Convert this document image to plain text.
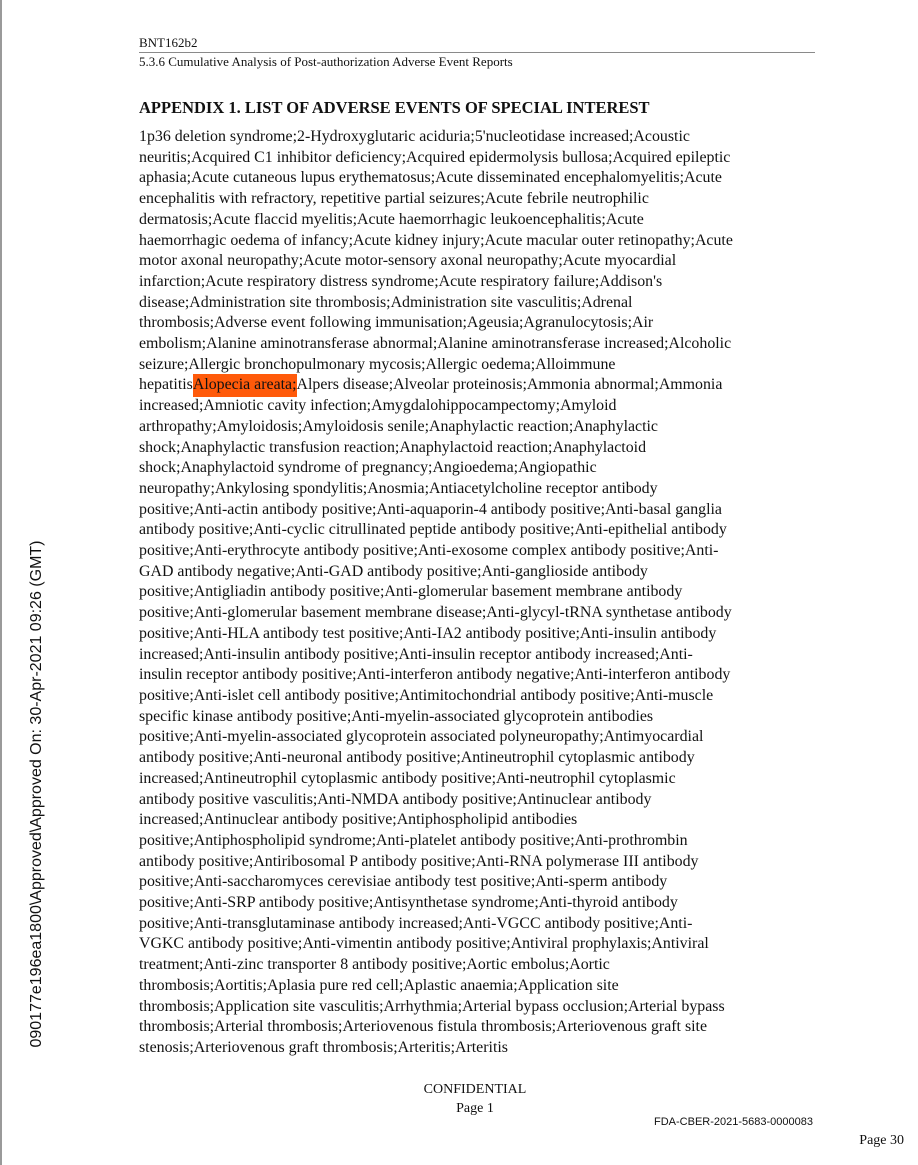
BNT162b2
5.3.6 Cumulative Analysis of Post-authorization Adverse Event Reports
APPENDIX 1. LIST OF ADVERSE EVENTS OF SPECIAL INTEREST
1p36 deletion syndrome;2-Hydroxyglutaric aciduria;5'nucleotidase increased;Acoustic
neuritis;Acquired C1 inhibitor deficiency;Acquired epidermolysis bullosa;Acquired epileptic
aphasia;Acute cutaneous lupus erythematosus;Acute disseminated encephalomyelitis;Acute
encephalitis with refractory, repetitive partial seizures;Acute febrile neutrophilic
dermatosis;Acute flaccid myelitis;Acute haemorrhagic leukoencephalitis;Acute
haemorrhagic oedema of infancy;Acute kidney injury;Acute macular outer retinopathy;Acute
motor axonal neuropathy;Acute motor-sensory axonal neuropathy;Acute myocardial
infarction;Acute respiratory distress syndrome;Acute respiratory failure;Addison's
disease;Administration site thrombosis;Administration site vasculitis;Adrenal
thrombosis;Adverse event following immunisation;Ageusia;Agranulocytosis;Air
embolism;Alanine aminotransferase abnormal;Alanine aminotransferase increased;Alcoholic
seizure;Allergic bronchopulmonary mycosis;Allergic oedema;Alloimmune
hepatitisAlopecia areata;Alpers disease;Alveolar proteinosis;Ammonia abnormal;Ammonia
increased;Amniotic cavity infection;Amygdalohippocampectomy;Amyloid
arthropathy;Amyloidosis;Amyloidosis senile;Anaphylactic reaction;Anaphylactic
shock;Anaphylactic transfusion reaction;Anaphylactoid reaction;Anaphylactoid
shock;Anaphylactoid syndrome of pregnancy;Angioedema;Angiopathic
neuropathy;Ankylosing spondylitis;Anosmia;Antiacetylcholine receptor antibody
positive;Anti-actin antibody positive;Anti-aquaporin-4 antibody positive;Anti-basal ganglia
antibody positive;Anti-cyclic citrullinated peptide antibody positive;Anti-epithelial antibody
positive;Anti-erythrocyte antibody positive;Anti-exosome complex antibody positive;Anti-
GAD antibody negative;Anti-GAD antibody positive;Anti-ganglioside antibody
positive;Antigliadin antibody positive;Anti-glomerular basement membrane antibody
positive;Anti-glomerular basement membrane disease;Anti-glycyl-tRNA synthetase antibody
positive;Anti-HLA antibody test positive;Anti-IA2 antibody positive;Anti-insulin antibody
increased;Anti-insulin antibody positive;Anti-insulin receptor antibody increased;Anti-
insulin receptor antibody positive;Anti-interferon antibody negative;Anti-interferon antibody
positive;Anti-islet cell antibody positive;Antimitochondrial antibody positive;Anti-muscle
specific kinase antibody positive;Anti-myelin-associated glycoprotein antibodies
positive;Anti-myelin-associated glycoprotein associated polyneuropathy;Antimyocardial
antibody positive;Anti-neuronal antibody positive;Antineutrophil cytoplasmic antibody
increased;Antineutrophil cytoplasmic antibody positive;Anti-neutrophil cytoplasmic
antibody positive vasculitis;Anti-NMDA antibody positive;Antinuclear antibody
increased;Antinuclear antibody positive;Antiphospholipid antibodies
positive;Antiphospholipid syndrome;Anti-platelet antibody positive;Anti-prothrombin
antibody positive;Antiribosomal P antibody positive;Anti-RNA polymerase III antibody
positive;Anti-saccharomyces cerevisiae antibody test positive;Anti-sperm antibody
positive;Anti-SRP antibody positive;Antisynthetase syndrome;Anti-thyroid antibody
positive;Anti-transglutaminase antibody increased;Anti-VGCC antibody positive;Anti-
VGKC antibody positive;Anti-vimentin antibody positive;Antiviral prophylaxis;Antiviral
treatment;Anti-zinc transporter 8 antibody positive;Aortic embolus;Aortic
thrombosis;Aortitis;Aplasia pure red cell;Aplastic anaemia;Application site
thrombosis;Application site vasculitis;Arrhythmia;Arterial bypass occlusion;Arterial bypass
thrombosis;Arterial thrombosis;Arteriovenous fistula thrombosis;Arteriovenous graft site
stenosis;Arteriovenous graft thrombosis;Arteritis;Arteritis
CONFIDENTIAL
Page 1
FDA-CBER-2021-5683-0000083
Page 30
090177e196ea1800\Approved\Approved On: 30-Apr-2021 09:26 (GMT)
